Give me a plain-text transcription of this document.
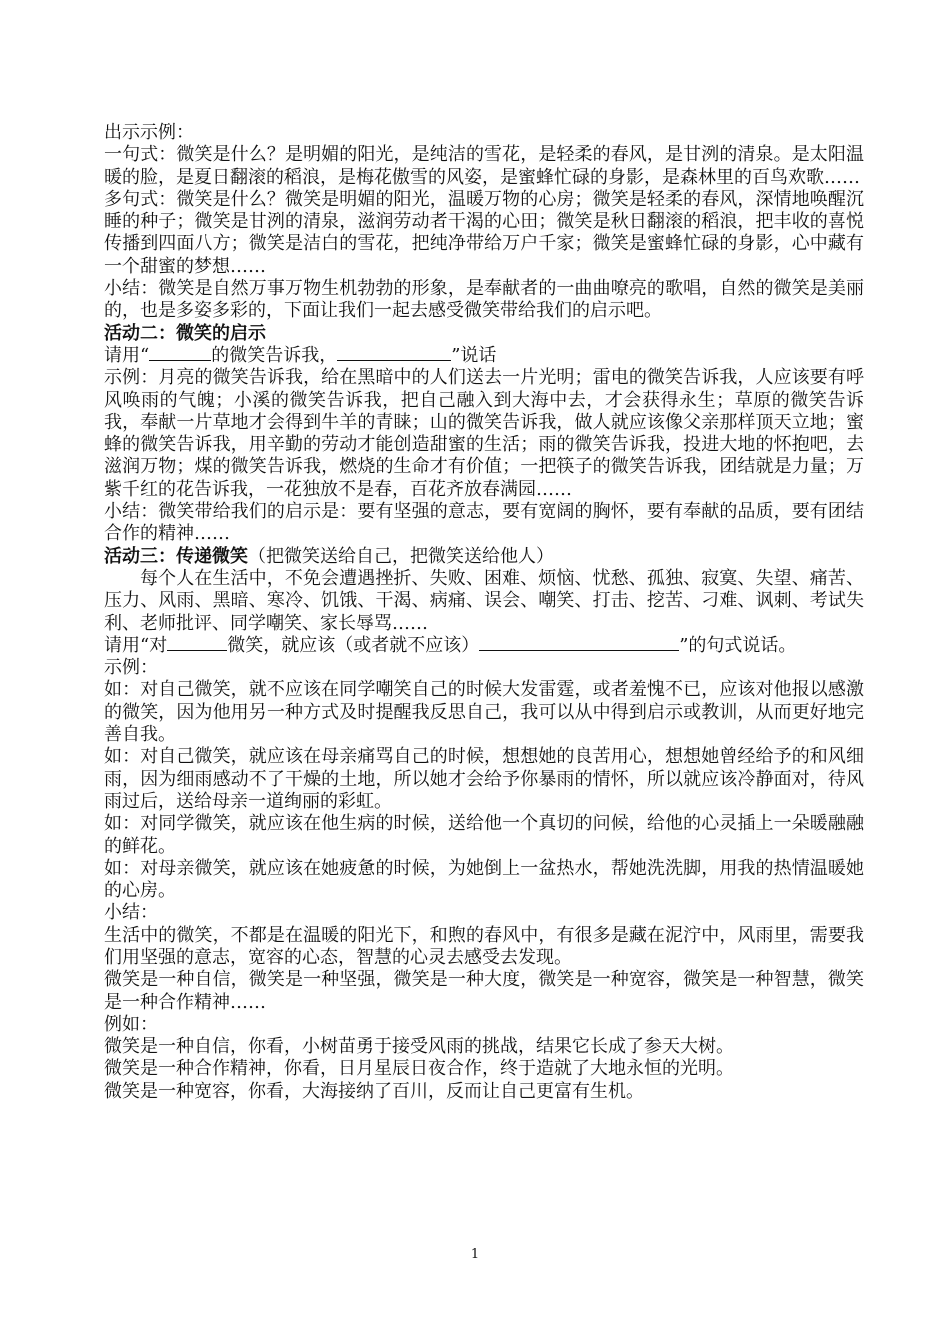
出示示例：

一句式：微笑是什么？是明媚的阳光，是纯洁的雪花，是轻柔的春风，是甘洌的清泉。是太阳温暖的脸，是夏日翻滚的稻浪，是梅花傲雪的风姿，是蜜蜂忙碌的身影，是森林里的百鸟欢歌……

多句式：微笑是什么？微笑是明媚的阳光，温暖万物的心房；微笑是轻柔的春风，深情地唤醒沉睡的种子；微笑是甘洌的清泉，滋润劳动者干渴的心田；微笑是秋日翻滚的稻浪，把丰收的喜悦传播到四面八方；微笑是洁白的雪花，把纯净带给万户千家；微笑是蜜蜂忙碌的身影，心中藏有一个甜蜜的梦想……

小结：微笑是自然万事万物生机勃勃的形象，是奉献者的一曲曲嘹亮的歌唱，自然的微笑是美丽的，也是多姿多彩的，下面让我们一起去感受微笑带给我们的启示吧。

活动二：微笑的启示

请用“	的微笑告诉我，	”说话

示例：月亮的微笑告诉我，给在黑暗中的人们送去一片光明；雷电的微笑告诉我，人应该要有呼风唤雨的气魄；小溪的微笑告诉我，把自己融入到大海中去，才会获得永生；草原的微笑告诉我，奉献一片草地才会得到牛羊的青睐；山的微笑告诉我，做人就应该像父亲那样顶天立地；蜜蜂的微笑告诉我，用辛勤的劳动才能创造甜蜜的生活；雨的微笑告诉我，投进大地的怀抱吧，去滋润万物；煤的微笑告诉我，燃烧的生命才有价值；一把筷子的微笑告诉我，团结就是力量；万紫千红的花告诉我，一花独放不是春，百花齐放春满园……

小结：微笑带给我们的启示是：要有坚强的意志，要有宽阔的胸怀，要有奉献的品质，要有团结合作的精神……

活动三：传递微笑（把微笑送给自己，把微笑送给他人）

每个人在生活中，不免会遭遇挫折、失败、困难、烦恼、忧愁、孤独、寂寞、失望、痛苦、压力、风雨、黑暗、寒冷、饥饿、干渴、病痛、误会、嘲笑、打击、挖苦、刁难、讽刺、考试失利、老师批评、同学嘲笑、家长辱骂……

请用“对	微笑，就应该（或者就不应该）	”的句式说话。

示例：

如：对自己微笑，就不应该在同学嘲笑自己的时候大发雷霆，或者羞愧不已，应该对他报以感激的微笑，因为他用另一种方式及时提醒我反思自己，我可以从中得到启示或教训，从而更好地完善自我。

如：对自己微笑，就应该在母亲痛骂自己的时候，想想她的良苦用心，想想她曾经给予的和风细雨，因为细雨感动不了干燥的土地，所以她才会给予你暴雨的情怀，所以就应该冷静面对，待风雨过后，送给母亲一道绚丽的彩虹。

如：对同学微笑，就应该在他生病的时候，送给他一个真切的问候，给他的心灵插上一朵暖融融的鲜花。

如：对母亲微笑，就应该在她疲惫的时候，为她倒上一盆热水，帮她洗洗脚，用我的热情温暖她的心房。

小结：

生活中的微笑，不都是在温暖的阳光下，和煦的春风中，有很多是藏在泥泞中，风雨里，需要我们用坚强的意志，宽容的心态，智慧的心灵去感受去发现。

微笑是一种自信，微笑是一种坚强，微笑是一种大度，微笑是一种宽容，微笑是一种智慧，微笑是一种合作精神……

例如：

微笑是一种自信，你看，小树苗勇于接受风雨的挑战，结果它长成了参天大树。

微笑是一种合作精神，你看，日月星辰日夜合作，终于造就了大地永恒的光明。

微笑是一种宽容，你看，大海接纳了百川，反而让自己更富有生机。

1
